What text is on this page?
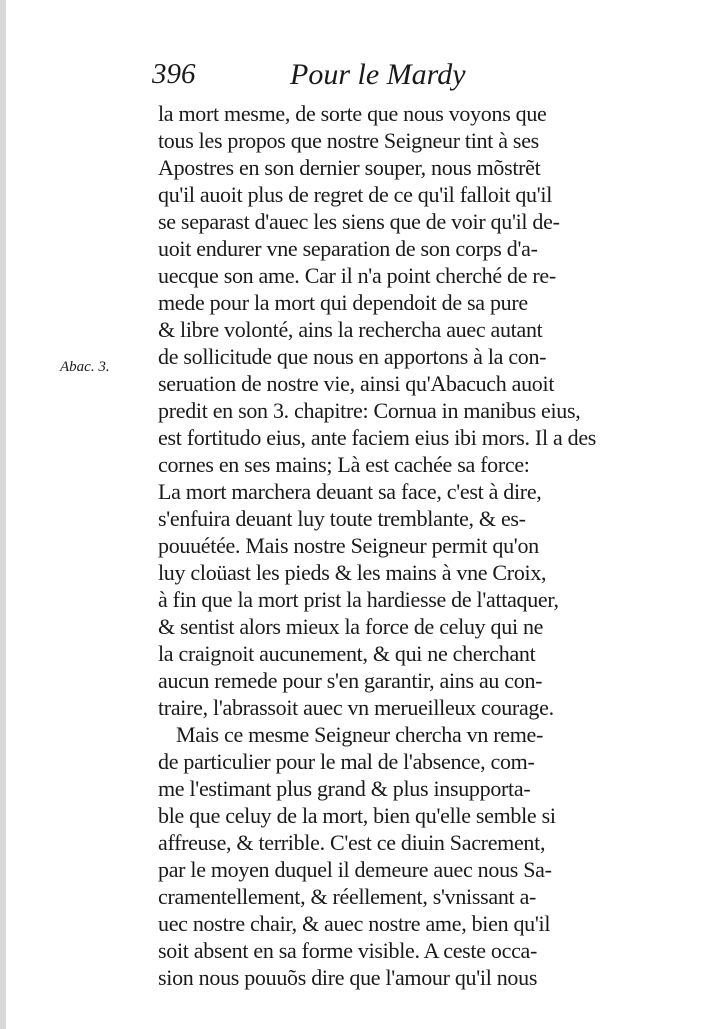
396	Pour le Mardy
Abac. 3.
la mort mesme, de sorte que nous voyons que
tous les propos que nostre Seigneur tint à ses
Apostres en son dernier souper, nous mõstrẽt
qu'il auoit plus de regret de ce qu'il falloit qu'il
se separast d'auec les siens que de voir qu'il de-
uoit endurer vne separation de son corps d'a-
uecque son ame. Car il n'a point cherché de re-
mede pour la mort qui dependoit de sa pure
& libre volonté, ains la rechercha auec autant
de sollicitude que nous en apportons à la con-
seruation de nostre vie, ainsi qu'Abacuch auoit
predit en son 3. chapitre: Cornua in manibus eius,
est fortitudo eius, ante faciem eius ibi mors. Il a des
cornes en ses mains; Là est cachée sa force:
La mort marchera deuant sa face, c'est à dire,
s'enfuira deuant luy toute tremblante, & es-
pouuétée. Mais nostre Seigneur permit qu'on
luy cloüast les pieds & les mains à vne Croix,
à fin que la mort prist la hardiesse de l'attaquer,
& sentist alors mieux la force de celuy qui ne
la craignoit aucunement, & qui ne cherchant
aucun remede pour s'en garantir, ains au con-
traire, l'abrassoit auec vn merueilleux courage.
Mais ce mesme Seigneur chercha vn reme-
de particulier pour le mal de l'absence, com-
me l'estimant plus grand & plus insupporta-
ble que celuy de la mort, bien qu'elle semble si
affreuse, & terrible. C'est ce diuin Sacrement,
par le moyen duquel il demeure auec nous Sa-
cramentellement, & réellement, s'vnissant a-
uec nostre chair, & auec nostre ame, bien qu'il
soit absent en sa forme visible. A ceste occa-
sion nous pouuõs dire que l'amour qu'il nous
